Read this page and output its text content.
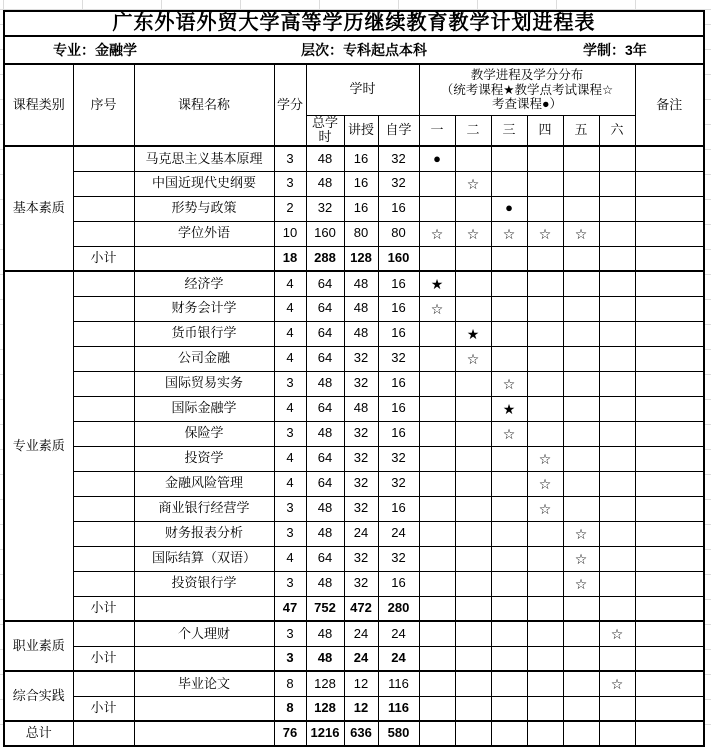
广东外语外贸大学高等学历继续教育教学计划进程表													

专业：金融学 层次：专科起点本科 学制：3年													

课程类别	序号	课程名称	学分	学时			教学进程及学分分布
（统考课程★教学点考试课程☆考查课程●）						备注
				总学时	讲授	自学	一	二	三	四	五	六	
基本素质		马克思主义基本原理	3	48	16	32	●						
		中国近现代史纲要	3	48	16	32		☆					
		形势与政策	2	32	16	16			●				
		学位外语	10	160	80	80	☆	☆	☆	☆	☆		
	小计		18	288	128	160							
专业素质		经济学	4	64	48	16	★						
		财务会计学	4	64	48	16	☆						
		货币银行学	4	64	48	16		★					
		公司金融	4	64	32	32		☆					
		国际贸易实务	3	48	32	16			☆				
		国际金融学	4	64	48	16			★				
		保险学	3	48	32	16			☆				
		投资学	4	64	32	32				☆			
		金融风险管理	4	64	32	32				☆			
		商业银行经营学	3	48	32	16				☆			
		财务报表分析	3	48	24	24					☆		
		国际结算（双语）	4	64	32	32					☆		
		投资银行学	3	48	32	16					☆		
	小计		47	752	472	280							
职业素质		个人理财	3	48	24	24						☆	
	小计		3	48	24	24							
综合实践		毕业论文	8	128	12	116						☆	
	小计		8	128	12	116							
总计			76	1216	636	580							
